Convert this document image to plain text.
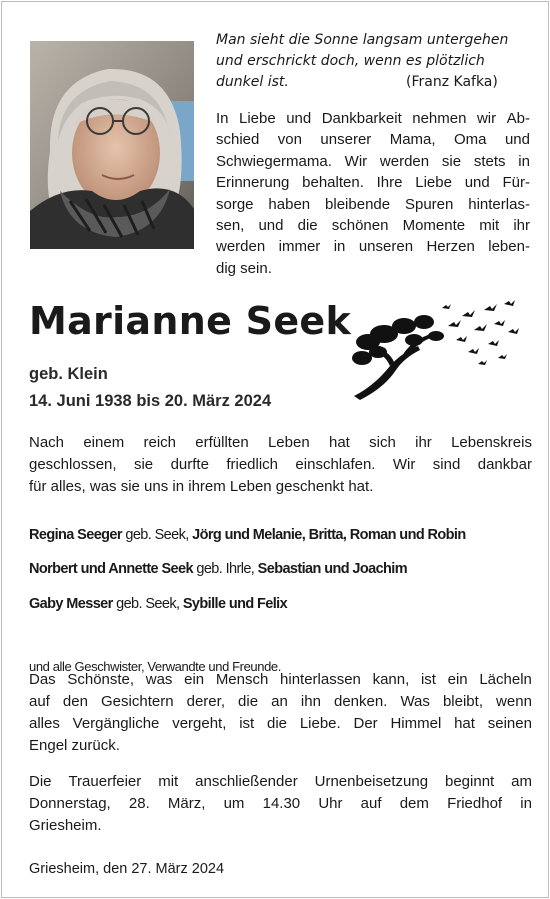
Man sieht die Sonne langsam untergehen
und erschrickt doch, wenn es plötzlich
dunkel ist.	(Franz Kafka)
In Liebe und Dankbarkeit nehmen wir Ab-
schied von unserer Mama, Oma und
Schwiegermama. Wir werden sie stets in
Erinnerung behalten. Ihre Liebe und Für-
sorge haben bleibende Spuren hinterlas-
sen, und die schönen Momente mit ihr
werden immer in unseren Herzen leben-
dig sein.
Marianne Seek
geb. Klein
14. Juni 1938 bis 20. März 2024
Nach einem reich erfüllten Leben hat sich ihr Lebenskreis
geschlossen, sie durfte friedlich einschlafen. Wir sind dankbar
für alles, was sie uns in ihrem Leben geschenkt hat.
Regina Seeger geb. Seek, Jörg und Melanie, Britta, Roman und Robin
Norbert und Annette Seek geb. Ihrle, Sebastian und Joachim
Gaby Messer geb. Seek, Sybille und Felix
und alle Geschwister, Verwandte und Freunde.
Das Schönste, was ein Mensch hinterlassen kann, ist ein Lächeln
auf den Gesichtern derer, die an ihn denken. Was bleibt, wenn
alles Vergängliche vergeht, ist die Liebe. Der Himmel hat seinen
Engel zurück.
Die Trauerfeier mit anschließender Urnenbeisetzung beginnt am
Donnerstag, 28. März, um 14.30 Uhr auf dem Friedhof in
Griesheim.
Griesheim, den 27. März 2024
